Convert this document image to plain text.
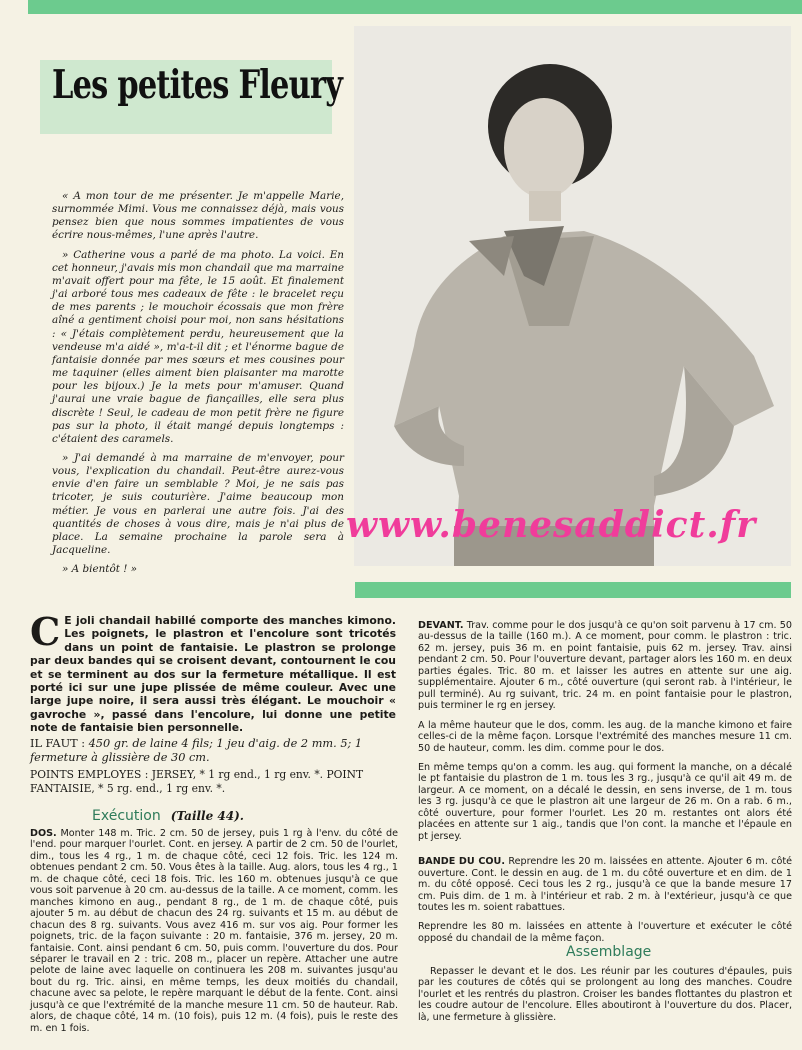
Les petites Fleury
www.benesaddict.fr

« A mon tour de me présenter. Je m'appelle Marie, surnommée Mimi. Vous me connaissez déjà, mais vous pensez bien que nous sommes impatientes de vous écrire nous-mêmes, l'une après l'autre.

» Catherine vous a parlé de ma photo. La voici. En cet honneur, j'avais mis mon chandail que ma marraine m'avait offert pour ma fête, le 15 août. Et finalement j'ai arboré tous mes cadeaux de fête : le bracelet reçu de mes parents ; le mouchoir écossais que mon frère aîné a gentiment choisi pour moi, non sans hésitations : « J'étais complètement perdu, heureusement que la vendeuse m'a aidé », m'a-t-il dit ; et l'énorme bague de fantaisie donnée par mes sœurs et mes cousines pour me taquiner (elles aiment bien plaisanter ma marotte pour les bijoux.) Je la mets pour m'amuser. Quand j'aurai une vraie bague de fiançailles, elle sera plus discrète ! Seul, le cadeau de mon petit frère ne figure pas sur la photo, il était mangé depuis longtemps : c'étaient des caramels.

» J'ai demandé à ma marraine de m'envoyer, pour vous, l'explication du chandail. Peut-être aurez-vous envie d'en faire un semblable ? Moi, je ne sais pas tricoter, je suis couturière. J'aime beaucoup mon métier. Je vous en parlerai une autre fois. J'ai des quantités de choses à vous dire, mais je n'ai plus de place. La semaine prochaine la parole sera à Jacqueline.

» A bientôt ! »

C E joli chandail habillé comporte des manches kimono. Les poignets, le plastron et l'encolure sont tricotés dans un point de fantaisie. Le plastron se prolonge par deux bandes qui se croisent devant, contournent le cou et se terminent au dos sur la fermeture métallique. Il est porté ici sur une jupe plissée de même couleur. Avec une large jupe noire, il sera aussi très élégant. Le mouchoir « gavroche », passé dans l'encolure, lui donne une petite note de fantaisie bien personnelle.
IL FAUT : 450 gr. de laine 4 fils; 1 jeu d'aig. de 2 mm. 5; 1 fermeture à glissière de 30 cm.
POINTS EMPLOYES : JERSEY, * 1 rg end., 1 rg env. *. POINT FANTAISIE, * 5 rg. end., 1 rg env. *.
Exécution (Taille 44).
DOS. Monter 148 m. Tric. 2 cm. 50 de jersey, puis 1 rg à l'env. du côté de l'end. pour marquer l'ourlet. Cont. en jersey. A partir de 2 cm. 50 de l'ourlet, dim., tous les 4 rg., 1 m. de chaque côté, ceci 12 fois. Tric. les 124 m. obtenues pendant 2 cm. 50. Vous êtes à la taille. Aug. alors, tous les 4 rg., 1 m. de chaque côté, ceci 18 fois. Tric. les 160 m. obtenues jusqu'à ce que vous soit parvenue à 20 cm. au-dessus de la taille. A ce moment, comm. les manches kimono en aug., pendant 8 rg., de 1 m. de chaque côté, puis ajouter 5 m. au début de chacun des 24 rg. suivants et 15 m. au début de chacun des 8 rg. suivants. Vous avez 416 m. sur vos aig. Pour former les poignets, tric. de la façon suivante : 20 m. fantaisie, 376 m. jersey, 20 m. fantaisie. Cont. ainsi pendant 6 cm. 50, puis comm. l'ouverture du dos. Pour séparer le travail en 2 : tric. 208 m., placer un repère. Attacher une autre pelote de laine avec laquelle on continuera les 208 m. suivantes jusqu'au bout du rg. Tric. ainsi, en même temps, les deux moitiés du chandail, chacune avec sa pelote, le repère marquant le début de la fente. Cont. ainsi jusqu'à ce que l'extrémité de la manche mesure 11 cm. 50 de hauteur. Rab. alors, de chaque côté, 14 m. (10 fois), puis 12 m. (4 fois), puis le reste des m. en 1 fois.

DEVANT. Trav. comme pour le dos jusqu'à ce qu'on soit parvenu à 17 cm. 50 au-dessus de la taille (160 m.). A ce moment, pour comm. le plastron : tric. 62 m. jersey, puis 36 m. en point fantaisie, puis 62 m. jersey. Trav. ainsi pendant 2 cm. 50. Pour l'ouverture devant, partager alors les 160 m. en deux parties égales. Tric. 80 m. et laisser les autres en attente sur une aig. supplémentaire. Ajouter 6 m., côté ouverture (qui seront rab. à l'intérieur, le pull terminé). Au rg suivant, tric. 24 m. en point fantaisie pour le plastron, puis terminer le rg en jersey.

A la même hauteur que le dos, comm. les aug. de la manche kimono et faire celles-ci de la même façon. Lorsque l'extrémité des manches mesure 11 cm. 50 de hauteur, comm. les dim. comme pour le dos.

En même temps qu'on a comm. les aug. qui forment la manche, on a décalé le pt fantaisie du plastron de 1 m. tous les 3 rg., jusqu'à ce qu'il ait 49 m. de largeur. A ce moment, on a décalé le dessin, en sens inverse, de 1 m. tous les 3 rg. jusqu'à ce que le plastron ait une largeur de 26 m. On a rab. 6 m., côté ouverture, pour former l'ourlet. Les 20 m. restantes ont alors été placées en attente sur 1 aig., tandis que l'on cont. la manche et l'épaule en pt jersey.

BANDE DU COU. Reprendre les 20 m. laissées en attente. Ajouter 6 m. côté ouverture. Cont. le dessin en aug. de 1 m. du côté ouverture et en dim. de 1 m. du côté opposé. Ceci tous les 2 rg., jusqu'à ce que la bande mesure 17 cm. Puis dim. de 1 m. à l'intérieur et rab. 2 m. à l'extérieur, jusqu'à ce que toutes les m. soient rabattues.

Reprendre les 80 m. laissées en attente à l'ouverture et exécuter le côté opposé du chandail de la même façon.

Assemblage
Repasser le devant et le dos. Les réunir par les coutures d'épaules, puis par les coutures de côtés qui se prolongent au long des manches. Coudre l'ourlet et les rentrés du plastron. Croiser les bandes flottantes du plastron et les coudre autour de l'encolure. Elles aboutiront à l'ouverture du dos. Placer, là, une fermeture à glissière.
